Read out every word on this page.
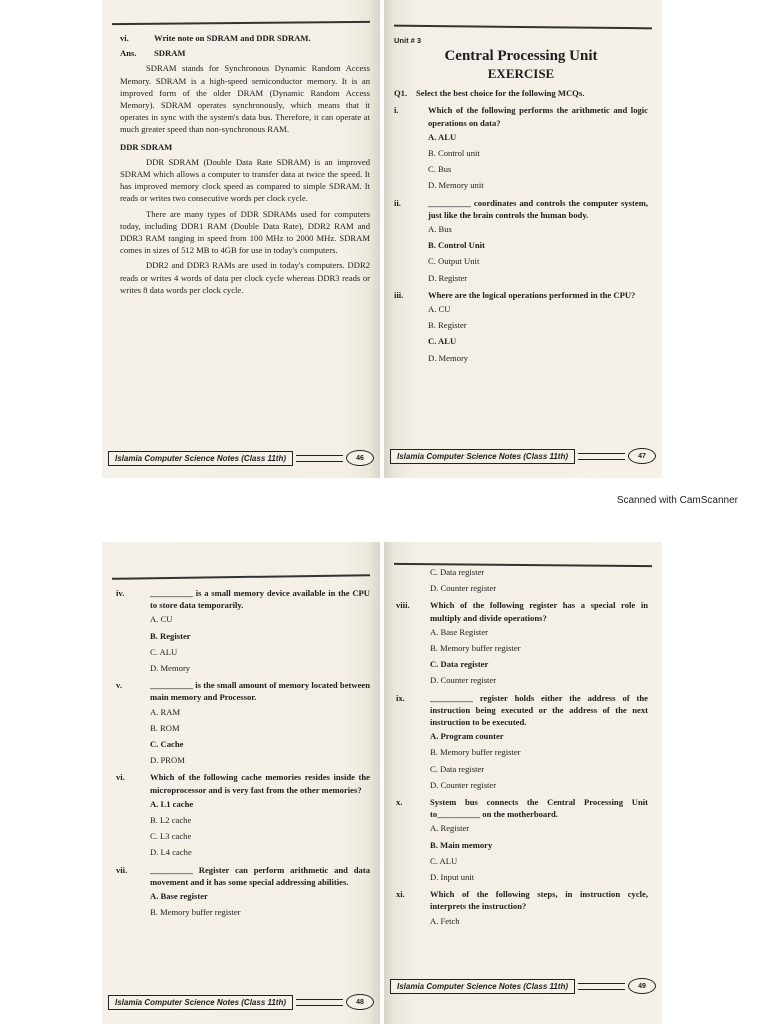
vi.	Write note on SDRAM and DDR SDRAM.
Ans.	SDRAM

SDRAM stands for Synchronous Dynamic Random Access Memory. SDRAM is a high-speed semiconductor memory. It is an improved form of the older DRAM (Dynamic Random Access Memory). SDRAM operates synchronously, which means that it operates in sync with the system's data bus. Therefore, it can operate at much greater speed than non-synchronous RAM.

DDR SDRAM

DDR SDRAM (Double Data Rate SDRAM) is an improved SDRAM which allows a computer to transfer data at twice the speed. It has improved memory clock speed as compared to simple SDRAM. It reads or writes two consecutive words per clock cycle.

There are many types of DDR SDRAMs used for computers today, including DDR1 RAM (Double Data Rate), DDR2 RAM and DDR3 RAM ranging in speed from 100 MHz to 2000 MHz. SDRAM comes in sizes of 512 MB to 4GB for use in today's computers.

DDR2 and DDR3 RAMs are used in today's computers. DDR2 reads or writes 4 words of data per clock cycle whereas DDR3 reads or writes 8 data words per clock cycle.

Islamia Computer Science Notes (Class 11th)	46
Unit # 3
Central Processing Unit
EXERCISE
Q1.	Select the best choice for the following MCQs.
i.	Which of the following performs the arithmetic and logic operations on data?
A. ALU
B. Control unit
C. Bus
D. Memory unit
ii.	__________ coordinates and controls the computer system, just like the brain controls the human body.
A. Bus
B. Control Unit
C. Output Unit
D. Register
iii.	Where are the logical operations performed in the CPU?
A. CU
B. Register
C. ALU
D. Memory
Islamia Computer Science Notes (Class 11th)	47
Scanned with CamScanner
iv.	__________ is a small memory device available in the CPU to store data temporarily.
A. CU
B. Register
C. ALU
D. Memory
v.	__________ is the small amount of memory located between main memory and Processor.
A. RAM
B. ROM
C. Cache
D. PROM
vi.	Which of the following cache memories resides inside the microprocessor and is very fast from the other memories?
A. L1 cache
B. L2 cache
C. L3 cache
D. L4 cache
vii.	__________ Register can perform arithmetic and data movement and it has some special addressing abilities.
A. Base register
B. Memory buffer register
Islamia Computer Science Notes (Class 11th)	48
C. Data register
D. Counter register
viii.	Which of the following register has a special role in multiply and divide operations?
A. Base Register
B. Memory buffer register
C. Data register
D. Counter register
ix.	__________ register holds either the address of the instruction being executed or the address of the next instruction to be executed.
A. Program counter
B. Memory buffer register
C. Data register
D. Counter register
x.	System bus connects the Central Processing Unit to__________ on the motherboard.
A. Register
B. Main memory
C. ALU
D. Input unit
xi.	Which of the following steps, in instruction cycle, interprets the instruction?
A. Fetch
Islamia Computer Science Notes (Class 11th)	49
